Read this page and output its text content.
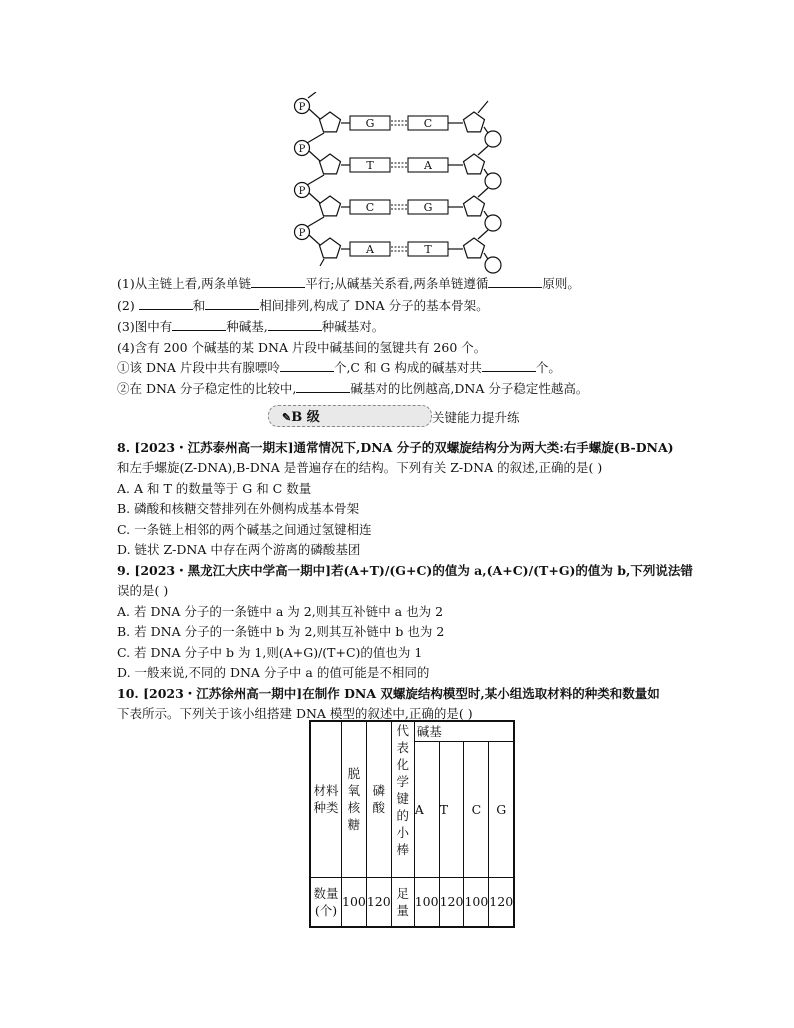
P
P
P
P
G	C
T	A
C	G
A	T
(1)从主链上看,两条单链	平行;从碱基关系看,两条单链遵循	原则。
(2)	和	相间排列,构成了 DNA 分子的基本骨架。
(3)图中有	种碱基,	种碱基对。
(4)含有 200 个碱基的某 DNA 片段中碱基间的氢键共有 260 个。
①该 DNA 片段中共有腺嘌呤	个,C 和 G 构成的碱基对共	个。
②在 DNA 分子稳定性的比较中,	碱基对的比例越高,DNA 分子稳定性越高。
✎B 级	关键能力提升练
8. [2023・江苏泰州高一期末]通常情况下,DNA 分子的双螺旋结构分为两大类:右手螺旋(B-DNA)
和左手螺旋(Z-DNA),B-DNA 是普遍存在的结构。下列有关 Z-DNA 的叙述,正确的是( )
A. A 和 T 的数量等于 G 和 C 数量
B. 磷酸和核糖交替排列在外侧构成基本骨架
C. 一条链上相邻的两个碱基之间通过氢键相连
D. 链状 Z-DNA 中存在两个游离的磷酸基团
9. [2023・黑龙江大庆中学高一期中]若(A+T)/(G+C)的值为 a,(A+C)/(T+G)的值为 b,下列说法错
误的是( )
A. 若 DNA 分子的一条链中 a 为 2,则其互补链中 a 也为 2
B. 若 DNA 分子的一条链中 b 为 2,则其互补链中 b 也为 2
C. 若 DNA 分子中 b 为 1,则(A+G)/(T+C)的值也为 1
D. 一般来说,不同的 DNA 分子中 a 的值可能是不相同的
10. [2023・江苏徐州高一期中]在制作 DNA 双螺旋结构模型时,某小组选取材料的种类和数量如
下表所示。下列关于该小组搭建 DNA 模型的叙述中,正确的是( )
材料种类	脱氧核糖	磷酸	代表化学键的小棒	碱基			
				A	T	C	G
数量(个)	100	120	足量	100	120	100	120
